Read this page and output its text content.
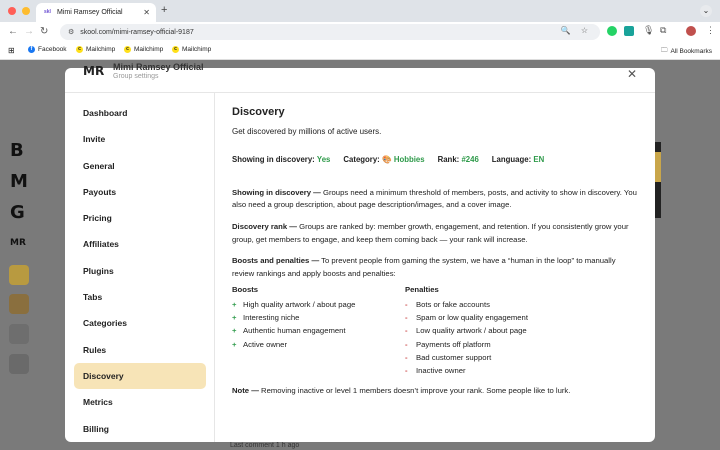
skl Mimi Ramsey Official	✕ +	⌄
← → ↻	⚙ skool.com/mimi-ramsey-official-9187	🔍 ☆	🎙 ⧉	⋮
⊞	f Facebook	c Mailchimp	c Mailchimp	c Mailchimp	🗀 All Bookmarks
B
M
G
MR
Last comment 1 h ago
MR Mimi Ramsey Official
Group settings	✕
Dashboard
Invite
General
Payouts
Pricing
Affiliates
Plugins
Tabs
Categories
Rules
Discovery
Metrics
Billing
Discovery
Get discovered by millions of active users.
Showing in discovery: Yes Category: 🎨 Hobbies Rank: #246 Language: EN
Showing in discovery — Groups need a minimum threshold of members, posts, and activity to show in discovery. You also need a group description, about page description/images, and a cover image.
Discovery rank — Groups are ranked by: member growth, engagement, and retention. If you consistently grow your group, get members to engage, and keep them coming back — your rank will increase.
Boosts and penalties — To prevent people from gaming the system, we have a “human in the loop” to manually review rankings and apply boosts and penalties:
Boosts
+ High quality artwork / about page
+ Interesting niche
+ Authentic human engagement
+ Active owner
Penalties
-	Bots or fake accounts
-	Spam or low quality engagement
-	Low quality artwork / about page
-	Payments off platform
-	Bad customer support
-	Inactive owner
Note — Removing inactive or level 1 members doesn’t improve your rank. Some people like to lurk.
